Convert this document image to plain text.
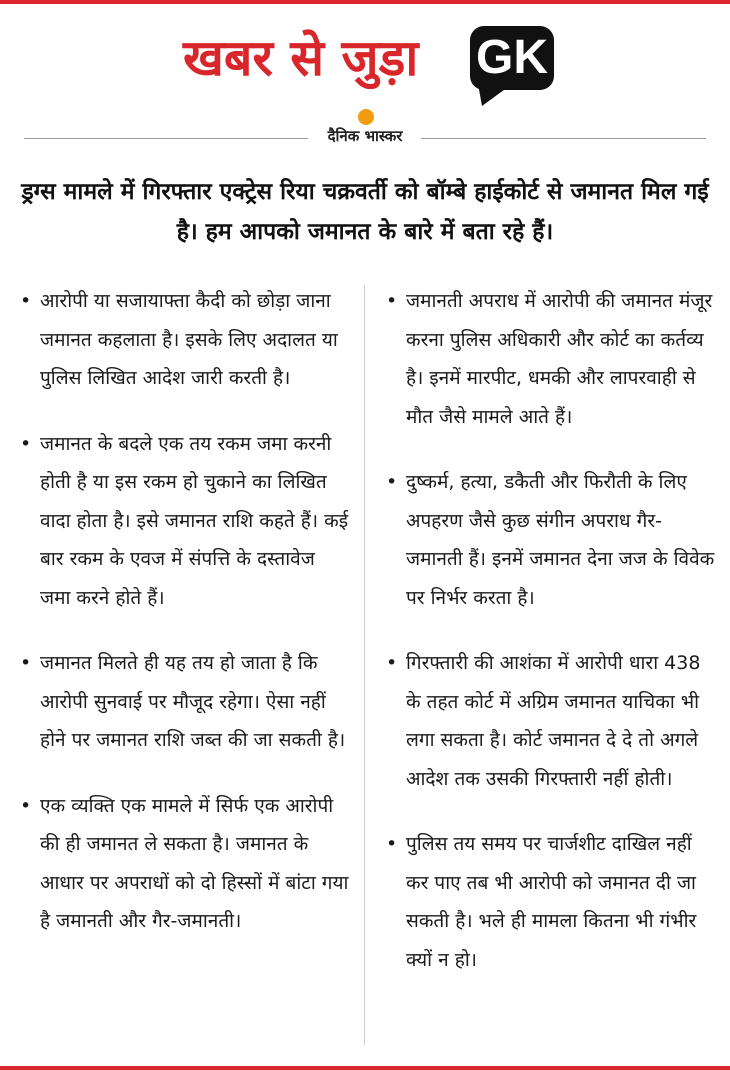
खबर से जुड़ा GK
दैनिक भास्कर

ड्रग्स मामले में गिरफ्तार एक्ट्रेस रिया चक्रवर्ती को बॉम्बे हाईकोर्ट से जमानत मिल गई है। हम आपको जमानत के बारे में बता रहे हैं।

• आरोपी या सजायाफ्ता कैदी को छोड़ा जाना जमानत कहलाता है। इसके लिए अदालत या पुलिस लिखित आदेश जारी करती है।
• जमानत के बदले एक तय रकम जमा करनी होती है या इस रकम हो चुकाने का लिखित वादा होता है। इसे जमानत राशि कहते हैं। कई बार रकम के एवज में संपत्ति के दस्तावेज जमा करने होते हैं।
• जमानत मिलते ही यह तय हो जाता है कि आरोपी सुनवाई पर मौजूद रहेगा। ऐसा नहीं होने पर जमानत राशि जब्त की जा सकती है।
• एक व्यक्ति एक मामले में सिर्फ एक आरोपी की ही जमानत ले सकता है। जमानत के आधार पर अपराधों को दो हिस्सों में बांटा गया है जमानती और गैर-जमानती।
• जमानती अपराध में आरोपी की जमानत मंजूर करना पुलिस अधिकारी और कोर्ट का कर्तव्य है। इनमें मारपीट, धमकी और लापरवाही से मौत जैसे मामले आते हैं।
• दुष्कर्म, हत्या, डकैती और फिरौती के लिए अपहरण जैसे कुछ संगीन अपराध गैर-जमानती हैं। इनमें जमानत देना जज के विवेक पर निर्भर करता है।
• गिरफ्तारी की आशंका में आरोपी धारा 438 के तहत कोर्ट में अग्रिम जमानत याचिका भी लगा सकता है। कोर्ट जमानत दे दे तो अगले आदेश तक उसकी गिरफ्तारी नहीं होती।
• पुलिस तय समय पर चार्जशीट दाखिल नहीं कर पाए तब भी आरोपी को जमानत दी जा सकती है। भले ही मामला कितना भी गंभीर क्यों न हो।
